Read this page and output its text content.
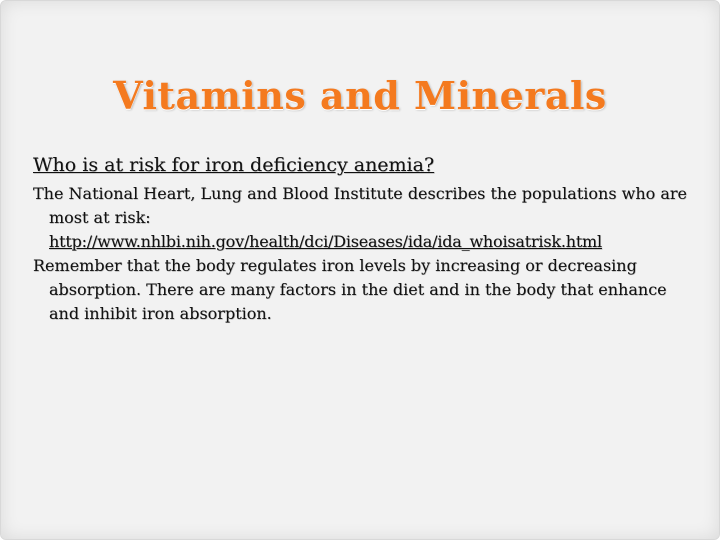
Vitamins and Minerals
Who is at risk for iron deficiency anemia?
The National Heart, Lung and Blood Institute describes the populations who are most at risk:
http://www.nhlbi.nih.gov/health/dci/Diseases/ida/ida_whoisatrisk.html
Remember that the body regulates iron levels by increasing or decreasing absorption. There are many factors in the diet and in the body that enhance and inhibit iron absorption.
